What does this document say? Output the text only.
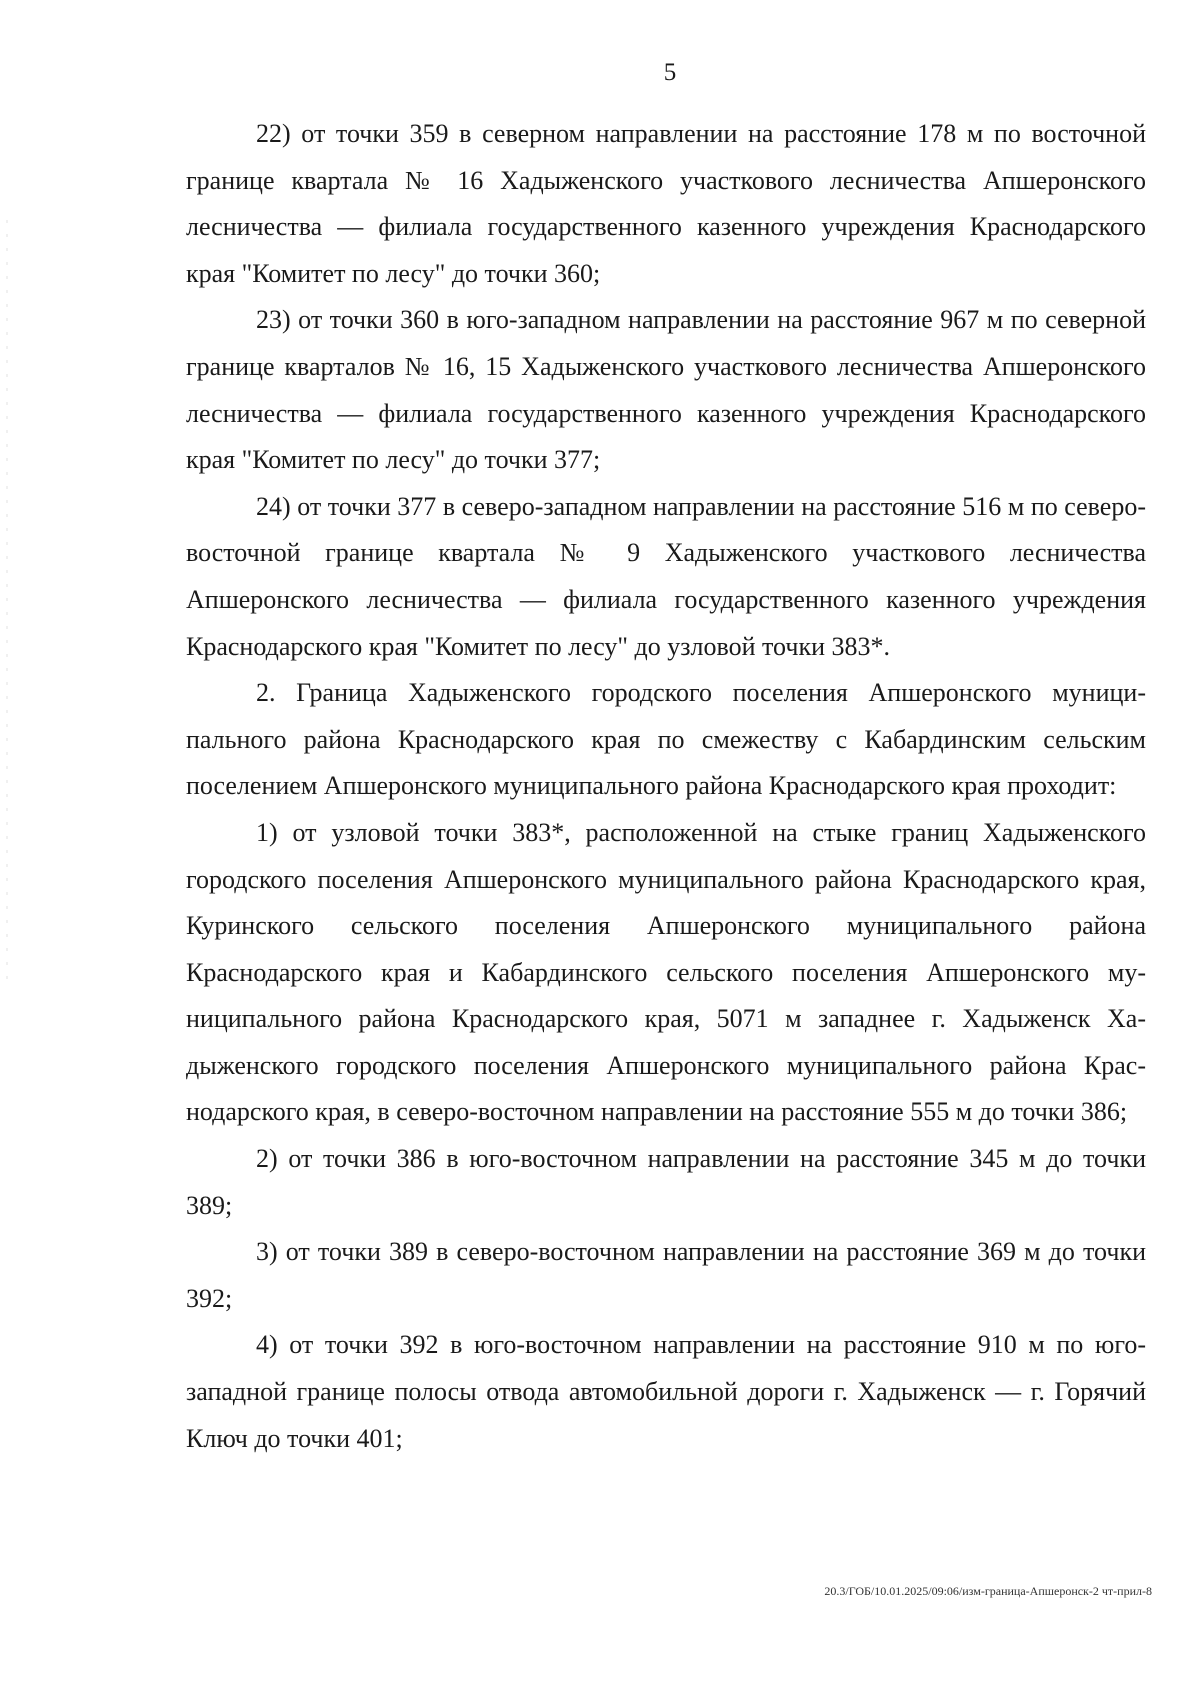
5

22) от точки 359 в северном направлении на расстояние 178 м по восточной границе квартала № 16 Хадыженского участкового лесничества Апшеронского лесничества — филиала государственного казенного учреждения Краснодарского края "Комитет по лесу" до точки 360;

23) от точки 360 в юго-западном направлении на расстояние 967 м по северной границе кварталов № 16, 15 Хадыженского участкового лесничества Апшеронского лесничества — филиала государственного казенного учреждения Краснодарского края "Комитет по лесу" до точки 377;

24) от точки 377 в северо-западном направлении на расстояние 516 м по северо-восточной границе квартала № 9 Хадыженского участкового лесничества Апшеронского лесничества — филиала государственного казенного учреждения Краснодарского края "Комитет по лесу" до узловой точки 383*.

2. Граница Хадыженского городского поселения Апшеронского муниципального района Краснодарского края по смежеству с Кабардинским сельским поселением Апшеронского муниципального района Краснодарского края проходит:

1) от узловой точки 383*, расположенной на стыке границ Хадыженского городского поселения Апшеронского муниципального района Краснодарского края, Куринского сельского поселения Апшеронского муниципального района Краснодарского края и Кабардинского сельского поселения Апшеронского муниципального района Краснодарского края, 5071 м западнее г. Хадыженск Хадыженского городского поселения Апшеронского муниципального района Краснодарского края, в северо-восточном направлении на расстояние 555 м до точки 386;

2) от точки 386 в юго-восточном направлении на расстояние 345 м до точки 389;

3) от точки 389 в северо-восточном направлении на расстояние 369 м до точки 392;

4) от точки 392 в юго-восточном направлении на расстояние 910 м по юго-западной границе полосы отвода автомобильной дороги г. Хадыженск — г. Горячий Ключ до точки 401;

20.3/ГОБ/10.01.2025/09:06/изм-граница-Апшеронск-2 чт-прил-8
